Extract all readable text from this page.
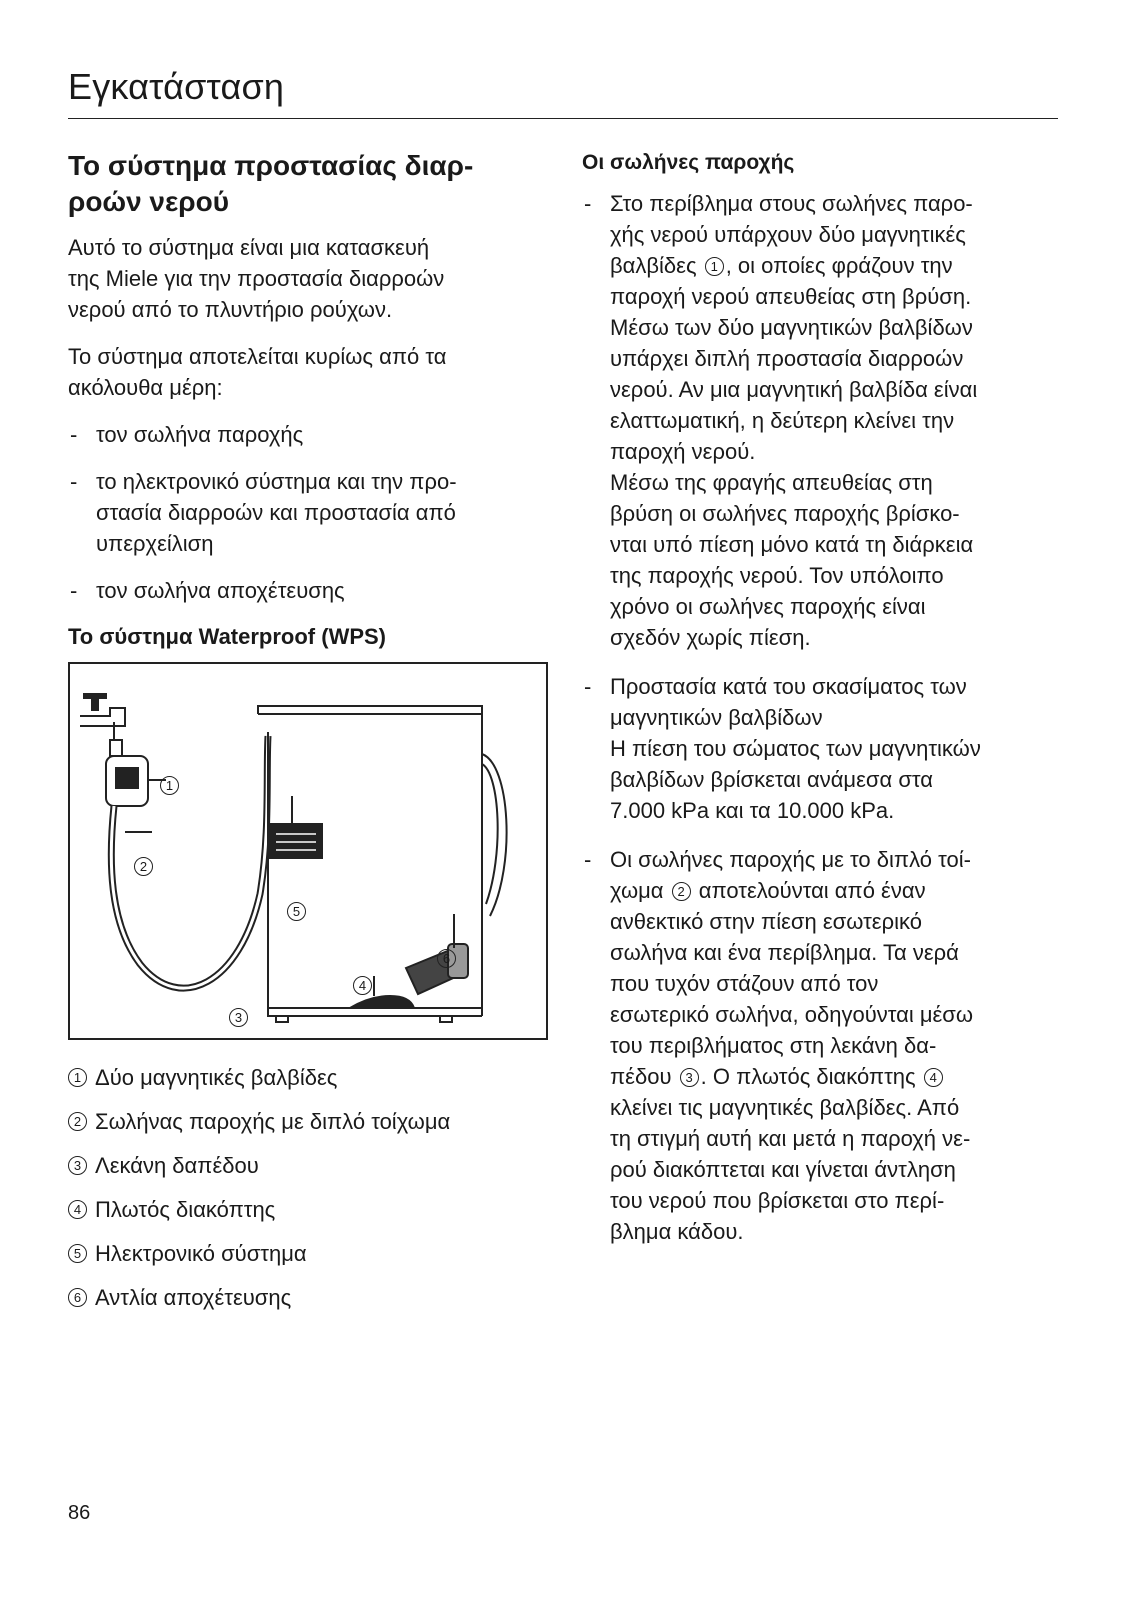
Εγκατάσταση
Το σύστημα προστασίας διαρ-
ροών νερού

Αυτό το σύστημα είναι μια κατασκευή
της Miele για την προστασία διαρροών
νερού από το πλυντήριο ρούχων.

Το σύστημα αποτελείται κυρίως από τα
ακόλουθα μέρη:

- τον σωλήνα παροχής
- το ηλεκτρονικό σύστημα και την προ-
στασία διαρροών και προστασία από
υπερχείλιση
- τον σωλήνα αποχέτευσης
Το σύστημα Waterproof (WPS)
1 Δύο μαγνητικές βαλβίδες
2 Σωλήνας παροχής με διπλό τοίχωμα
3 Λεκάνη δαπέδου
4 Πλωτός διακόπτης
5 Ηλεκτρονικό σύστημα
6 Αντλία αποχέτευσης
1
2
3
4
5
6
Οι σωλήνες παροχής
- Στο περίβλημα στους σωλήνες παρο-
χής νερού υπάρχουν δύο μαγνητικές
βαλβίδες 1 , οι οποίες φράζουν την
παροχή νερού απευθείας στη βρύση.
Μέσω των δύο μαγνητικών βαλβίδων
υπάρχει διπλή προστασία διαρροών
νερού. Αν μια μαγνητική βαλβίδα είναι
ελαττωματική, η δεύτερη κλείνει την
παροχή νερού.
Μέσω της φραγής απευθείας στη
βρύση οι σωλήνες παροχής βρίσκο-
νται υπό πίεση μόνο κατά τη διάρκεια
της παροχής νερού. Τον υπόλοιπο
χρόνο οι σωλήνες παροχής είναι
σχεδόν χωρίς πίεση.
- Προστασία κατά του σκασίματος των
μαγνητικών βαλβίδων
Η πίεση του σώματος των μαγνητικών
βαλβίδων βρίσκεται ανάμεσα στα
7.000 kPa και τα 10.000 kPa.
- Οι σωλήνες παροχής με το διπλό τοί-
χωμα 2 αποτελούνται από έναν
ανθεκτικό στην πίεση εσωτερικό
σωλήνα και ένα περίβλημα. Τα νερά
που τυχόν στάζουν από τον
εσωτερικό σωλήνα, οδηγούνται μέσω
του περιβλήματος στη λεκάνη δα-
πέδου 3 . Ο πλωτός διακόπτης 4
κλείνει τις μαγνητικές βαλβίδες. Από
τη στιγμή αυτή και μετά η παροχή νε-
ρού διακόπτεται και γίνεται άντληση
του νερού που βρίσκεται στο περί-
βλημα κάδου.
86
